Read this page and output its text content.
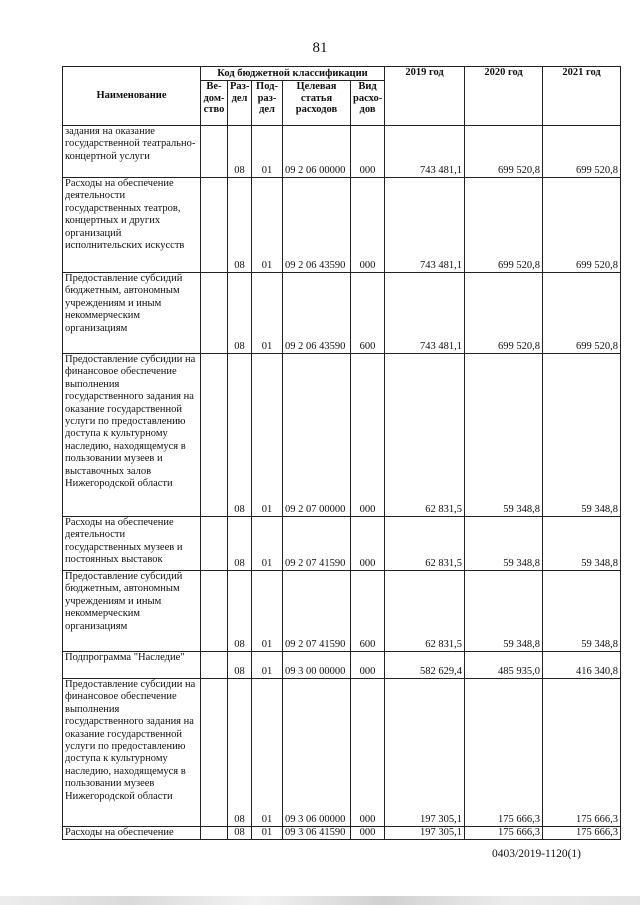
81
Наименование	Код бюджетной классификации					2019 год	2020 год	2021 год
	Ве-дом-ство	Раз-дел	Под-раз-дел	Целевая статья расходов	Вид расхо-дов			
задания на оказание государственной театрально-концертной услуги		08	01	09 2 06 00000	000	743 481,1	699 520,8	699 520,8
Расходы на обеспечение деятельности государственных театров, концертных и других организаций исполнительских искусств		08	01	09 2 06 43590	000	743 481,1	699 520,8	699 520,8
Предоставление субсидий бюджетным, автономным учреждениям и иным некоммерческим организациям		08	01	09 2 06 43590	600	743 481,1	699 520,8	699 520,8
Предоставление субсидии на финансовое обеспечение выполнения государственного задания на оказание государственной услуги по предоставлению доступа к культурному наследию, находящемуся в пользовании музеев и выставочных залов Нижегородской области		08	01	09 2 07 00000	000	62 831,5	59 348,8	59 348,8
Расходы на обеспечение деятельности государственных музеев и постоянных выставок		08	01	09 2 07 41590	000	62 831,5	59 348,8	59 348,8
Предоставление субсидий бюджетным, автономным учреждениям и иным некоммерческим организациям		08	01	09 2 07 41590	600	62 831,5	59 348,8	59 348,8
Подпрограмма "Наследие"		08	01	09 3 00 00000	000	582 629,4	485 935,0	416 340,8
Предоставление субсидии на финансовое обеспечение выполнения государственного задания на оказание государственной услуги по предоставлению доступа к культурному наследию, находящемуся в пользовании музеев Нижегородской области		08	01	09 3 06 00000	000	197 305,1	175 666,3	175 666,3
Расходы на обеспечение		08	01	09 3 06 41590	000	197 305,1	175 666,3	175 666,3
0403/2019-1120(1)
